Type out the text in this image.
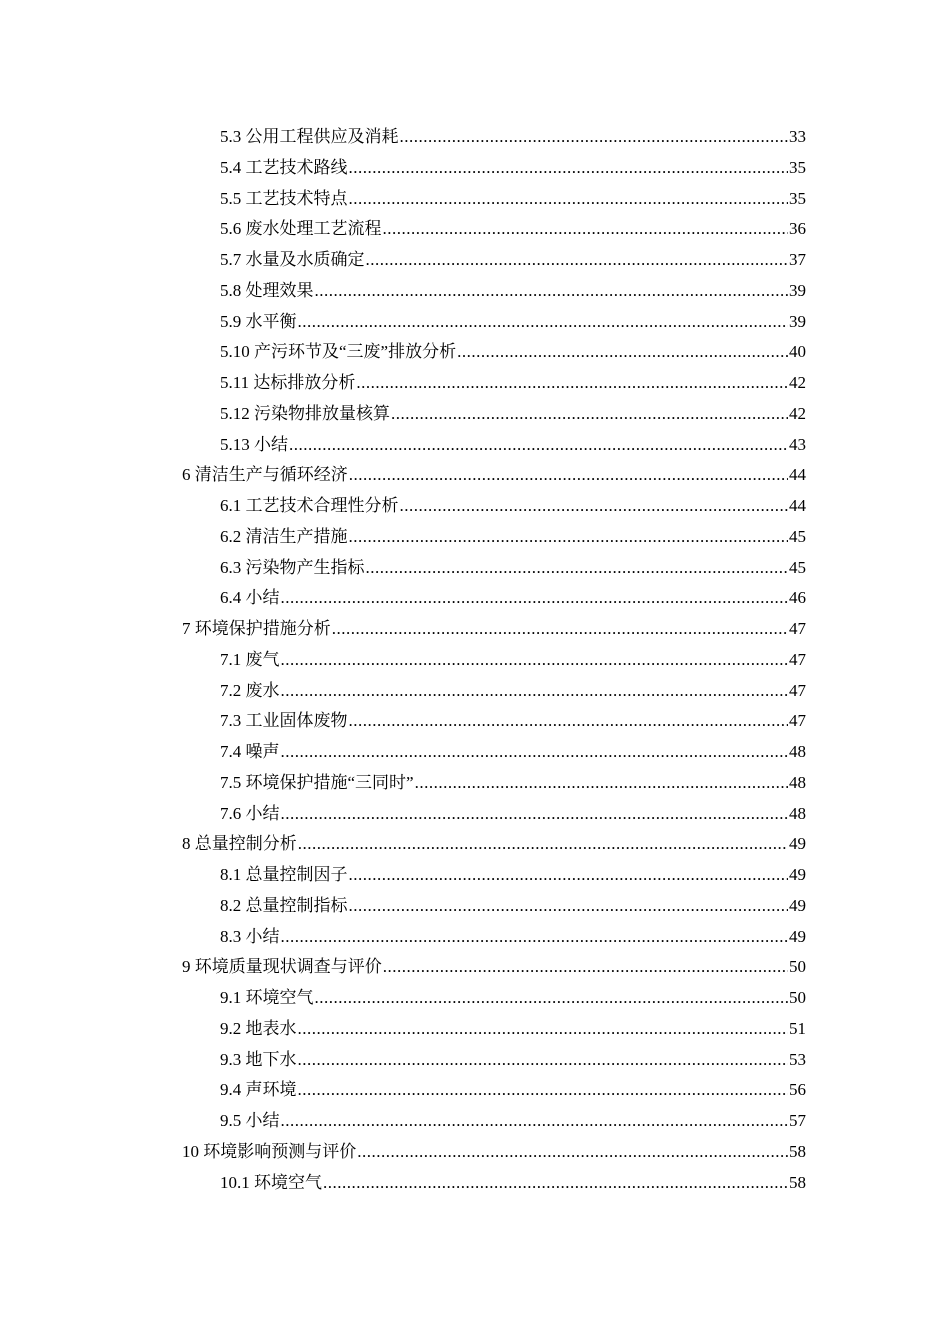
5.3 公用工程供应及消耗 .....	33
5.4 工艺技术路线 .....	35
5.5 工艺技术特点 .....	35
5.6 废水处理工艺流程 .....	36
5.7 水量及水质确定 .....	37
5.8 处理效果 .....	39
5.9 水平衡 .....	39
5.10 产污环节及“三废”排放分析 .....	40
5.11 达标排放分析 .....	42
5.12 污染物排放量核算 .....	42
5.13 小结 .....	43
6 清洁生产与循环经济 .....	44
6.1 工艺技术合理性分析 .....	44
6.2 清洁生产措施 .....	45
6.3 污染物产生指标 .....	45
6.4 小结 .....	46
7 环境保护措施分析 .....	47
7.1 废气 .....	47
7.2 废水 .....	47
7.3 工业固体废物 .....	47
7.4 噪声 .....	48
7.5 环境保护措施“三同时” .....	48
7.6 小结 .....	48
8 总量控制分析 .....	49
8.1 总量控制因子 .....	49
8.2 总量控制指标 .....	49
8.3 小结 .....	49
9 环境质量现状调查与评价 .....	50
9.1 环境空气 .....	50
9.2 地表水 .....	51
9.3 地下水 .....	53
9.4 声环境 .....	56
9.5 小结 .....	57
10 环境影响预测与评价 .....	58
10.1 环境空气 .....	58
